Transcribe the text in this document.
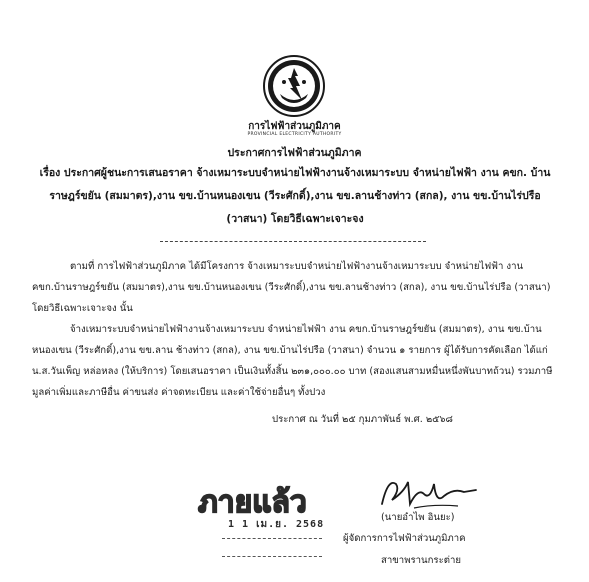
การไฟฟ้าส่วนภูมิภาค
PROVINCIAL ELECTRICITY AUTHORITY
ประกาศการไฟฟ้าส่วนภูมิภาค
เรื่อง ประกาศผู้ชนะการเสนอราคา จ้างเหมาระบบจำหน่ายไฟฟ้างานจ้างเหมาระบบ จำหน่ายไฟฟ้า งาน คขก. บ้านราษฎร์ขยัน (สมมาตร),งาน ขข.บ้านหนองเขน (วีระศักดิ์),งาน ขข.ลานช้างท่าว (สกล), งาน ขข.บ้านไร่ปรือ (วาสนา) โดยวิธีเฉพาะเจาะจง
ตามที่ การไฟฟ้าส่วนภูมิภาค ได้มีโครงการ จ้างเหมาระบบจำหน่ายไฟฟ้างานจ้างเหมาระบบ จำหน่ายไฟฟ้า งาน คขก.บ้านราษฎร์ขยัน (สมมาตร),งาน ขข.บ้านหนองเขน (วีระศักดิ์),งาน ขข.ลานช้างท่าว (สกล), งาน ขข.บ้านไร่ปรือ (วาสนา) โดยวิธีเฉพาะเจาะจง นั้น
จ้างเหมาระบบจำหน่ายไฟฟ้างานจ้างเหมาระบบ จำหน่ายไฟฟ้า งาน คขก.บ้านราษฎร์ขยัน (สมมาตร), งาน ขข.บ้านหนองเขน (วีระศักดิ์),งาน ขข.ลาน ช้างท่าว (สกล), งาน ขข.บ้านไร่ปรือ (วาสนา) จำนวน ๑ รายการ ผู้ได้รับการคัดเลือก ได้แก่ น.ส.วันเพ็ญ หล่อหลง (ให้บริการ) โดยเสนอราคา เป็นเงินทั้งสิ้น ๒๓๑,๐๐๐.๐๐ บาท (สองแสนสามหมื่นหนึ่งพันบาทถ้วน) รวมภาษีมูลค่าเพิ่มและภาษีอื่น ค่าขนส่ง ค่าจดทะเบียน และค่าใช้จ่ายอื่นๆ ทั้งปวง
ประกาศ ณ วันที่ ๒๕ กุมภาพันธ์ พ.ศ. ๒๕๖๘
ภายแล้ว
1 1 เม.ย. 2568
(นายอำไพ อินยะ)
ผู้จัดการการไฟฟ้าส่วนภูมิภาค
สาขาพรานกระต่าย
